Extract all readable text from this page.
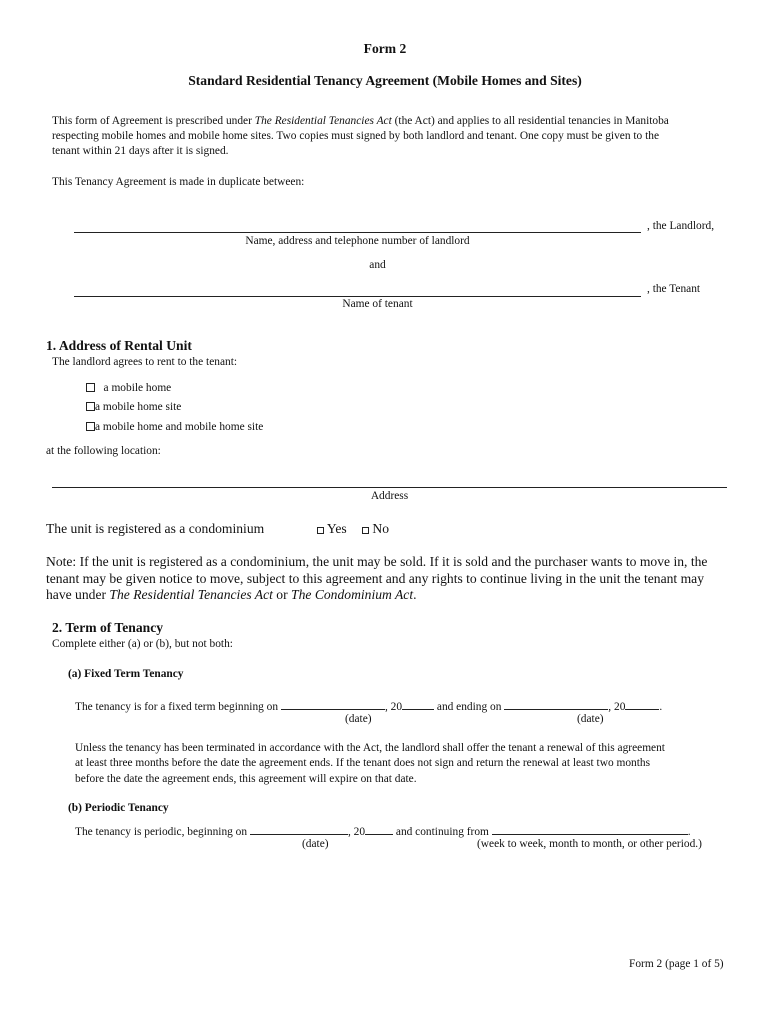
Form 2
Standard Residential Tenancy Agreement (Mobile Homes and Sites)
This form of Agreement is prescribed under The Residential Tenancies Act (the Act) and applies to all residential tenancies in Manitoba
respecting mobile homes and mobile home sites. Two copies must signed by both landlord and tenant. One copy must be given to the
tenant within 21 days after it is signed.
This Tenancy Agreement is made in duplicate between:
, the Landlord,
Name, address and telephone number of landlord
and
, the Tenant
Name of tenant
1. Address of Rental Unit
The landlord agrees to rent to the tenant:
a mobile home
a mobile home site
a mobile home and mobile home site
at the following location:
Address
The unit is registered as a condominium	Yes	No
Note: If the unit is registered as a condominium, the unit may be sold. If it is sold and the purchaser wants to move in, the
tenant may be given notice to move, subject to this agreement and any rights to continue living in the unit the tenant may
have under The Residential Tenancies Act or The Condominium Act.
2. Term of Tenancy
Complete either (a) or (b), but not both:
(a) Fixed Term Tenancy
The tenancy is for a fixed term beginning on	, 20	and ending on	, 20	.
(date)	(date)
Unless the tenancy has been terminated in accordance with the Act, the landlord shall offer the tenant a renewal of this agreement
at least three months before the date the agreement ends. If the tenant does not sign and return the renewal at least two months
before the date the agreement ends, this agreement will expire on that date.
(b) Periodic Tenancy
The tenancy is periodic, beginning on	, 20	and continuing from	.
(date)	(week to week, month to month, or other period.)
Form 2 (page 1 of 5)
